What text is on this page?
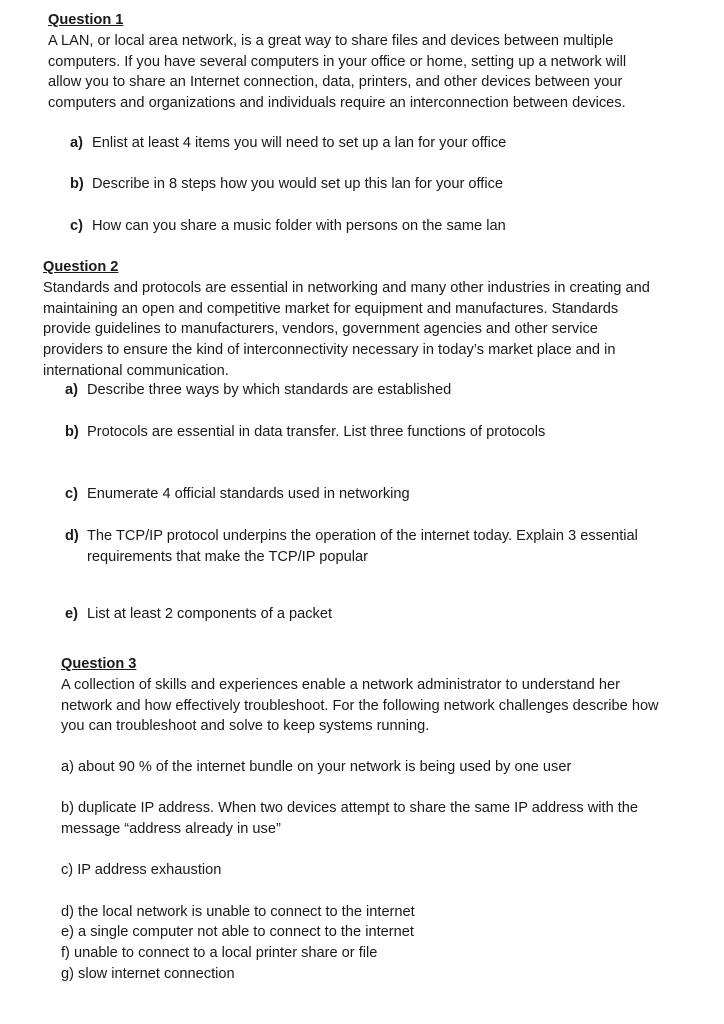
Question 1
A LAN, or local area network, is a great way to share files and devices between multiple
computers. If you have several computers in your office or home, setting up a network will
allow you to share an Internet connection, data, printers, and other devices between your
computers and organizations and individuals require an interconnection between devices.
a) Enlist at least 4 items you will need to set up a lan for your office
b) Describe in 8 steps how you would set up this lan for your office
c) How can you share a music folder with persons on the same lan
Question 2
Standards and protocols are essential in networking and many other industries in creating and
maintaining an open and competitive market for equipment and manufactures. Standards
provide guidelines to manufacturers, vendors, government agencies and other service
providers to ensure the kind of interconnectivity necessary in today’s market place and in
international communication.
a) Describe three ways by which standards are established
b) Protocols are essential in data transfer. List three functions of protocols
c) Enumerate 4 official standards used in networking
d) The TCP/IP protocol underpins the operation of the internet today. Explain 3 essential
requirements that make the TCP/IP popular
e) List at least 2 components of a packet
Question 3
A collection of skills and experiences enable a network administrator to understand her
network and how effectively troubleshoot. For the following network challenges describe how
you can troubleshoot and solve to keep systems running.
a) about 90 % of the internet bundle on your network is being used by one user
b) duplicate IP address. When two devices attempt to share the same IP address with the
message “address already in use”
c) IP address exhaustion
d) the local network is unable to connect to the internet
e) a single computer not able to connect to the internet
f) unable to connect to a local printer share or file
g) slow internet connection
